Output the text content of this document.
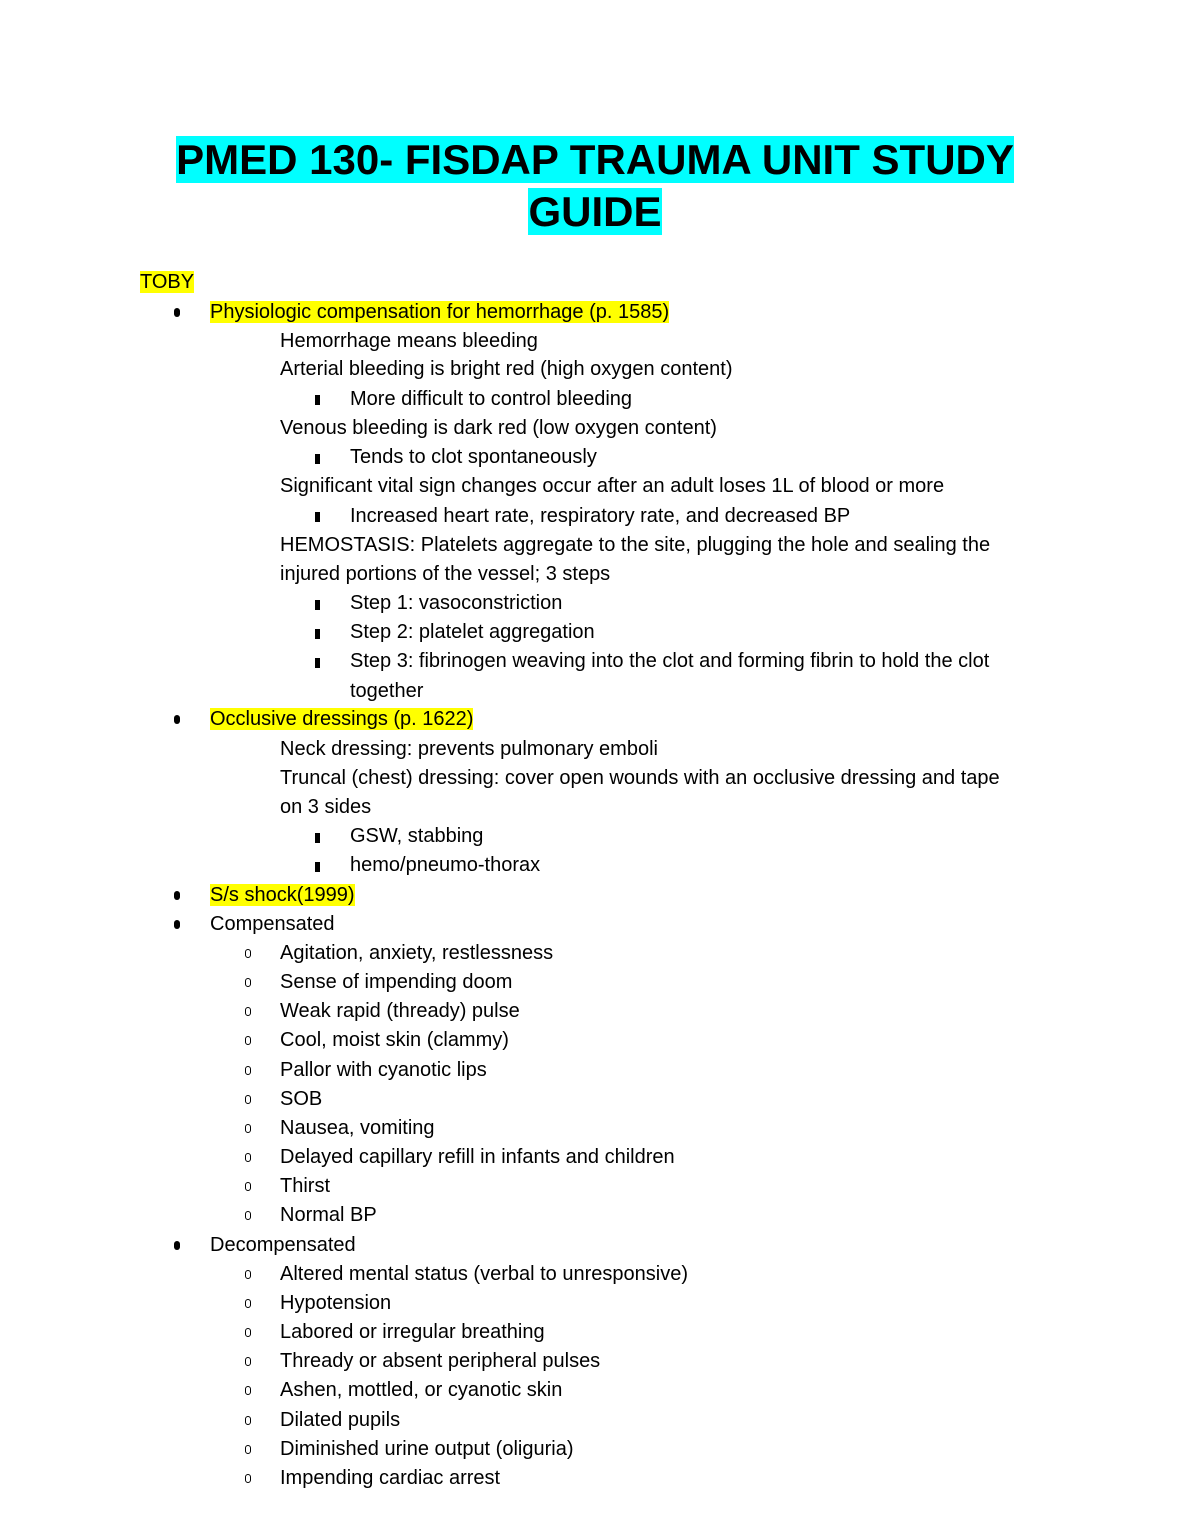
PMED 130- FISDAP TRAUMA UNIT STUDY
GUIDE
TOBY
Physiologic compensation for hemorrhage (p. 1585)
Hemorrhage means bleeding
Arterial bleeding is bright red (high oxygen content)
More difficult to control bleeding
Venous bleeding is dark red (low oxygen content)
Tends to clot spontaneously
Significant vital sign changes occur after an adult loses 1L of blood or more
Increased heart rate, respiratory rate, and decreased BP
HEMOSTASIS: Platelets aggregate to the site, plugging the hole and sealing the
injured portions of the vessel; 3 steps
Step 1: vasoconstriction
Step 2: platelet aggregation
Step 3: fibrinogen weaving into the clot and forming fibrin to hold the clot
together
Occlusive dressings (p. 1622)
Neck dressing: prevents pulmonary emboli
Truncal (chest) dressing: cover open wounds with an occlusive dressing and tape
on 3 sides
GSW, stabbing
hemo/pneumo-thorax
S/s shock(1999)
Compensated
Agitation, anxiety, restlessness
Sense of impending doom
Weak rapid (thready) pulse
Cool, moist skin (clammy)
Pallor with cyanotic lips
SOB
Nausea, vomiting
Delayed capillary refill in infants and children
Thirst
Normal BP
Decompensated
Altered mental status (verbal to unresponsive)
Hypotension
Labored or irregular breathing
Thready or absent peripheral pulses
Ashen, mottled, or cyanotic skin
Dilated pupils
Diminished urine output (oliguria)
Impending cardiac arrest
